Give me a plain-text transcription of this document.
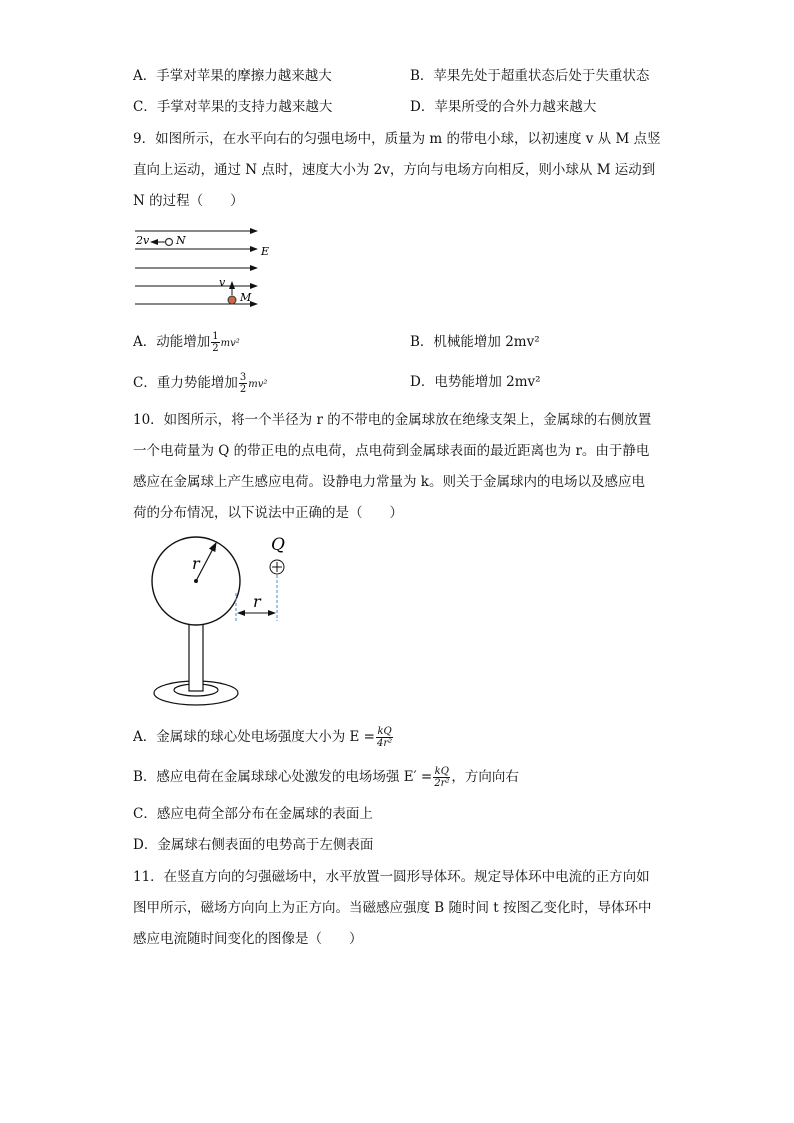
A．手掌对苹果的摩擦力越来越大	B．苹果先处于超重状态后处于失重状态
C．手掌对苹果的支持力越来越大	D．苹果所受的合外力越来越大
9．如图所示，在水平向右的匀强电场中，质量为 m 的带电小球，以初速度 v 从 M 点竖
直向上运动，通过 N 点时，速度大小为 2v，方向与电场方向相反，则小球从 M 运动到
N 的过程（　　）
2v N
E
v
M
A．动能增加 $\frac{1}{2} mv^2$	B．机械能增加 2mv²
C．重力势能增加 $\frac{3}{2} mv^2$	D．电势能增加 2mv²
10．如图所示，将一个半径为 r 的不带电的金属球放在绝缘支架上，金属球的右侧放置
一个电荷量为 Q 的带正电的点电荷，点电荷到金属球表面的最近距离也为 r。由于静电
感应在金属球上产生感应电荷。设静电力常量为 k。则关于金属球内的电场以及感应电
荷的分布情况，以下说法中正确的是（　　）
r
Q
r
A．金属球的球心处电场强度大小为 $E = \frac{kQ}{\text{4r²}}$
B．感应电荷在金属球球心处激发的电场场强 $E' = \frac{kQ}{\text{2r²}}$ ，方向向右
C．感应电荷全部分布在金属球的表面上
D．金属球右侧表面的电势高于左侧表面
11．在竖直方向的匀强磁场中，水平放置一圆形导体环。规定导体环中电流的正方向如
图甲所示，磁场方向向上为正方向。当磁感应强度 B 随时间 t 按图乙变化时，导体环中
感应电流随时间变化的图像是（　　）
